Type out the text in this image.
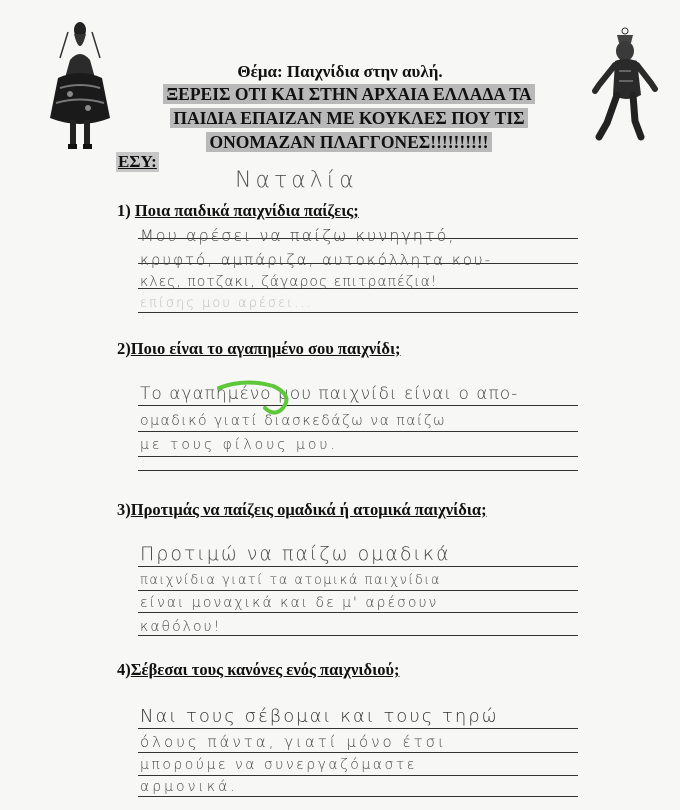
Θέμα: Παιχνίδια στην αυλή.
ΞΕΡΕΙΣ ΟΤΙ ΚΑΙ ΣΤΗΝ ΑΡΧΑΙΑ ΕΛΛΑΔΑ ΤΑ
ΠΑΙΔΙΑ ΕΠΑΙΖΑΝ ΜΕ ΚΟΥΚΛΕΣ ΠΟΥ ΤΙΣ
ΟΝΟΜΑΖΑΝ ΠΛΑΓΓΟΝΕΣ!!!!!!!!!!
ΕΣΥ:
Ναταλία
1) Ποια παιδικά παιχνίδια παίζεις;
Μου αρέσει να παίζω κυνηγητό,
κρυφτό, αμπάριζα, αυτοκόλλητα κου-
κλες, ποτζακι, ζάγαρος επιτραπέζια!
επίσης μου αρέσει...
2)Ποιο είναι το αγαπημένο σου παιχνίδι;
Το αγαπημένο μου παιχνίδι είναι ο απο-
ομαδικό γιατί διασκεδάζω να παίζω
με τους φίλους μου.
3)Προτιμάς να παίζεις ομαδικά ή ατομικά παιχνίδια;
Προτιμώ να παίζω ομαδικά
παιχνίδια γιατί τα ατομικά παιχνίδια
είναι μοναχικά και δε μ' αρέσουν
καθόλου!
4)Σέβεσαι τους κανόνες ενός παιχνιδιού;
Ναι τους σέβομαι και τους τηρώ
όλους πάντα, γιατί μόνο έτσι
μπορούμε να συνεργαζόμαστε
αρμονικά.
